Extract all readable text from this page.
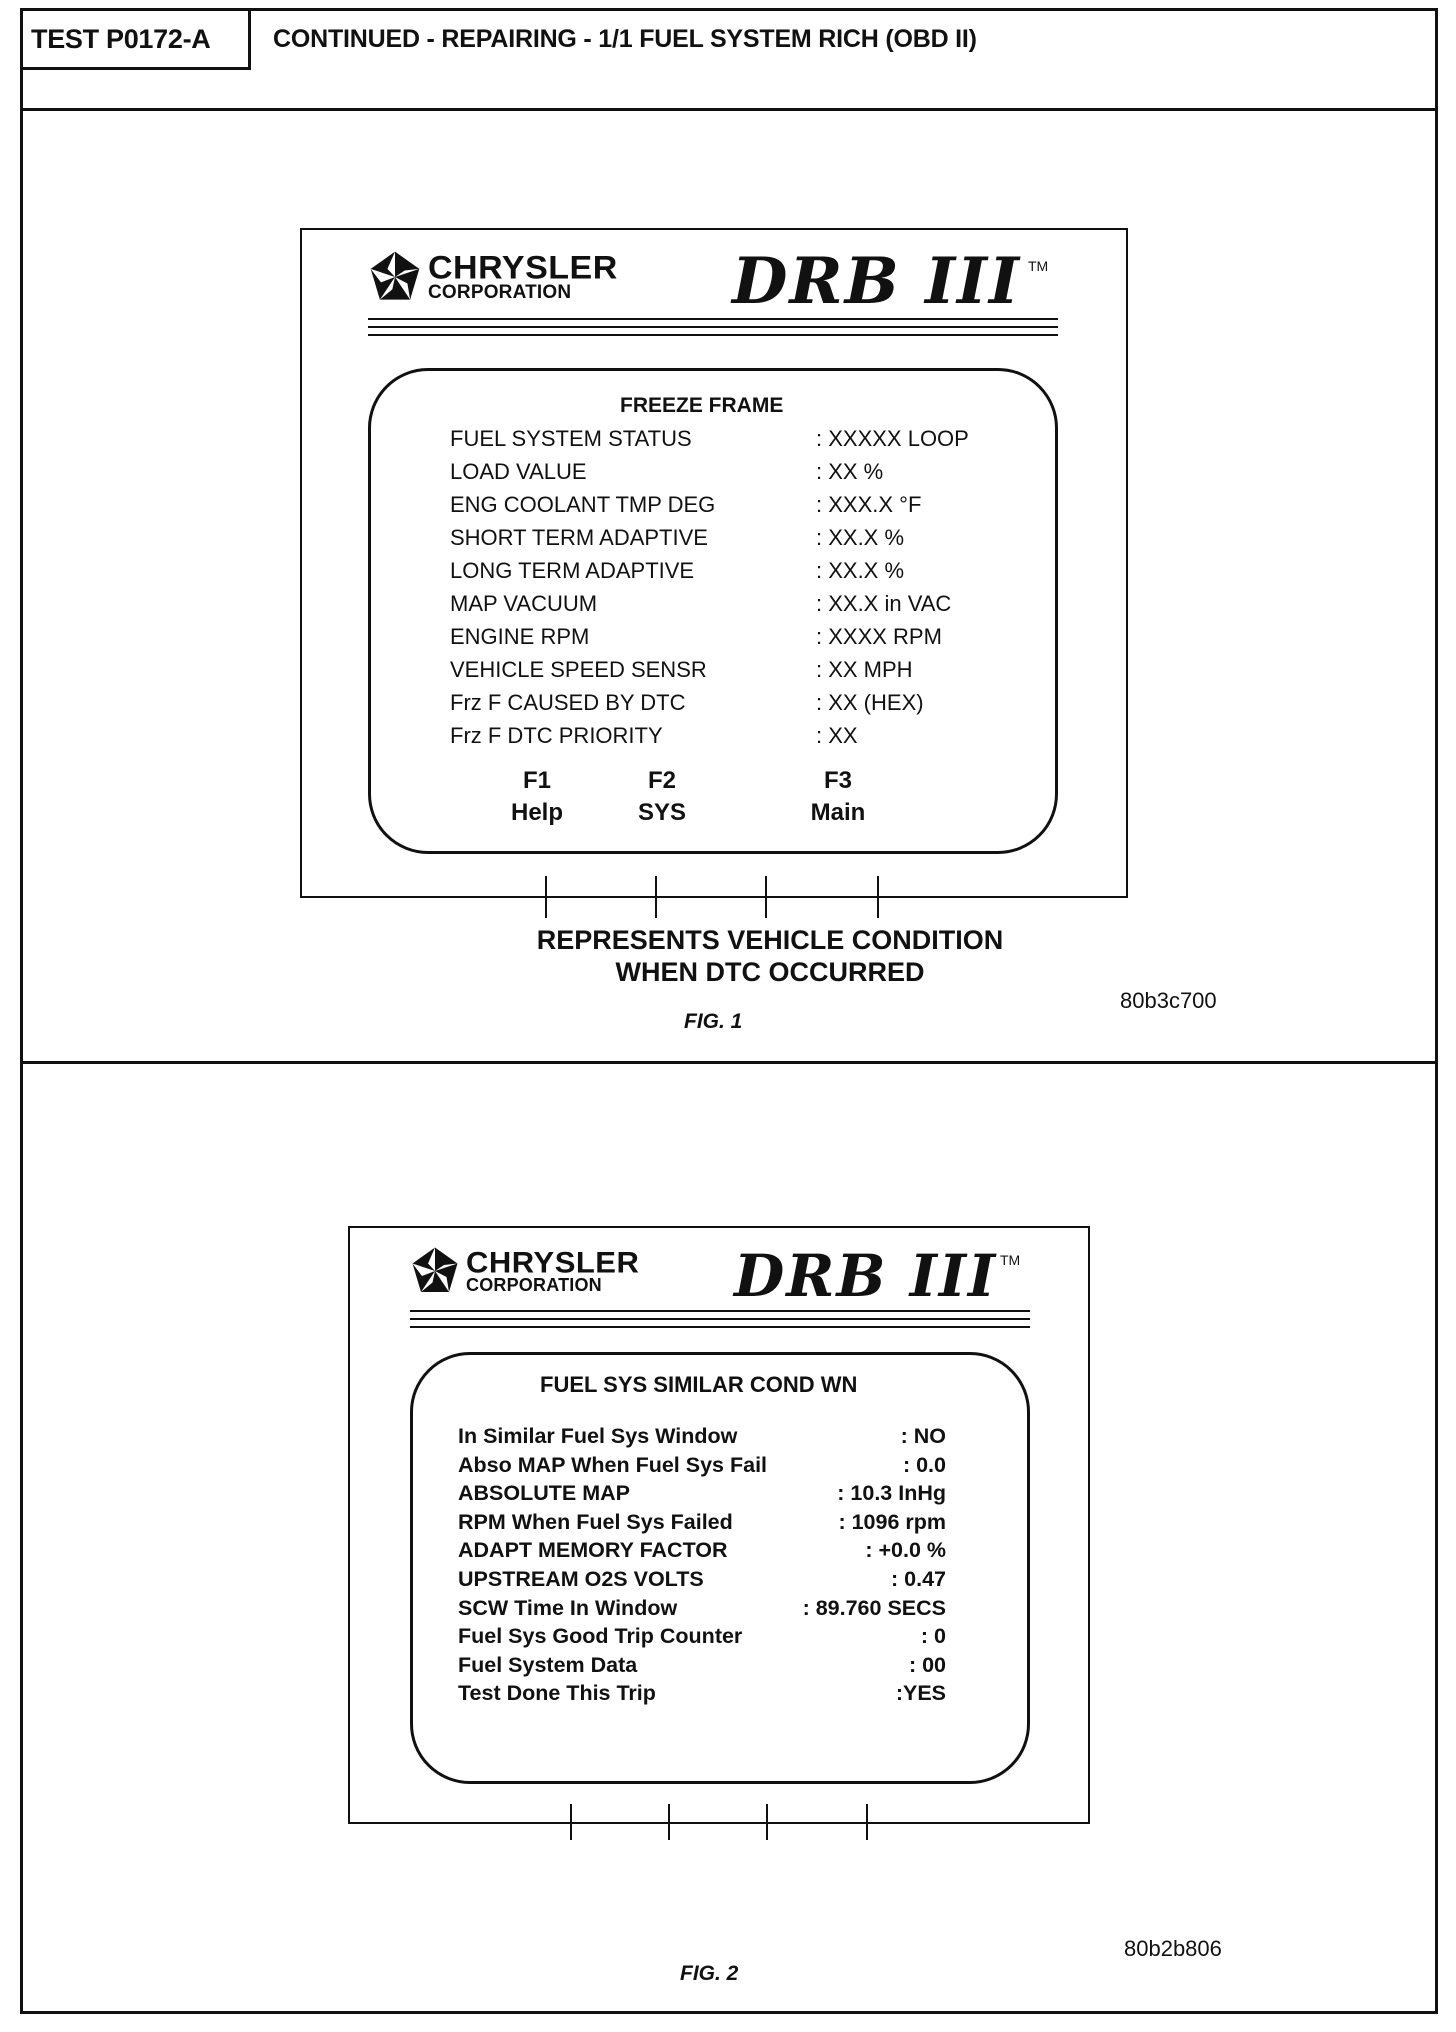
TEST P0172-A	CONTINUED - REPAIRING - 1/1 FUEL SYSTEM RICH (OBD II)
CHRYSLER
CORPORATION	DRB III TM
FREEZE FRAME
F1
Help
F2
SYS
F3
Main
FUEL SYSTEM STATUS	: XXXXX LOOP
LOAD VALUE	: XX %
ENG COOLANT TMP DEG	: XXX.X °F
SHORT TERM ADAPTIVE	: XX.X %
LONG TERM ADAPTIVE	: XX.X %
MAP VACUUM	: XX.X in VAC
ENGINE RPM	: XXXX RPM
VEHICLE SPEED SENSR	: XX MPH
Frz F CAUSED BY DTC	: XX (HEX)
Frz F DTC PRIORITY	: XX
REPRESENTS VEHICLE CONDITION
WHEN DTC OCCURRED
80b3c700
FIG. 1
CHRYSLER
CORPORATION	DRB III TM
FUEL SYS SIMILAR COND WN
In Similar Fuel Sys Window	: NO
Abso MAP When Fuel Sys Fail	: 0.0
ABSOLUTE MAP	: 10.3 InHg
RPM When Fuel Sys Failed	: 1096 rpm
ADAPT MEMORY FACTOR	: +0.0 %
UPSTREAM O2S VOLTS	: 0.47
SCW Time In Window	: 89.760 SECS
Fuel Sys Good Trip Counter	: 0
Fuel System Data	: 00
Test Done This Trip	:YES
80b2b806
FIG. 2
